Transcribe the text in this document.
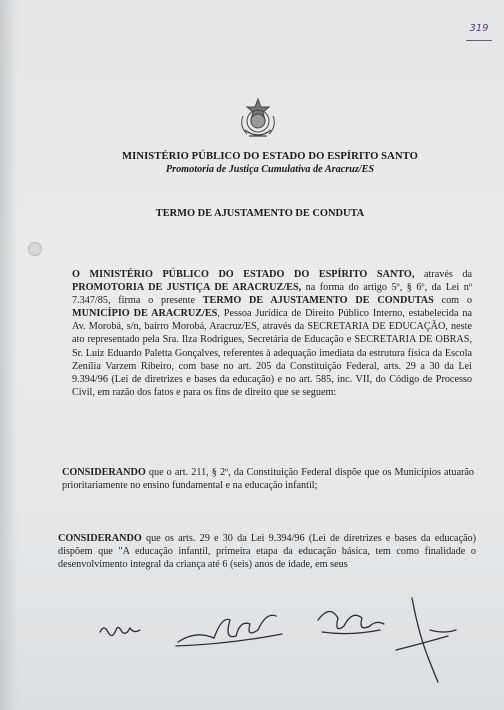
319
MINISTÉRIO PÚBLICO DO ESTADO DO ESPÍRITO SANTO
Promotoria de Justiça Cumulativa de Aracruz/ES
TERMO DE AJUSTAMENTO DE CONDUTA
O MINISTÉRIO PÚBLICO DO ESTADO DO ESPÍRITO SANTO, através da PROMOTORIA DE JUSTIÇA DE ARACRUZ/ES, na forma do artigo 5º, § 6º, da Lei nº 7.347/85, firma o presente TERMO DE AJUSTAMENTO DE CONDUTAS com o MUNICÍPIO DE ARACRUZ/ES, Pessoa Jurídica de Direito Público Interno, estabelecida na Av. Morobá, s/n, bairro Morobá, Aracruz/ES, através da SECRETARIA DE EDUCAÇÃO, neste ato representado pela Sra. Ilza Rodrigues, Secretária de Educação e SECRETARIA DE OBRAS, Sr. Luiz Eduardo Paletta Gonçalves, referentes à adequação imediata da estrutura física da Escola Zenília Varzem Ribeiro, com base no art. 205 da Constituição Federal, arts. 29 a 30 da Lei 9.394/96 (Lei de diretrizes e bases da educação) e no art. 585, inc. VII, do Código de Processo Civil, em razão dos fatos e para os fins de direito que se seguem:
CONSIDERANDO que o art. 211, § 2º, da Constituição Federal dispõe que os Municípios atuarão prioritariamente no ensino fundamental e na educação infantil;
CONSIDERANDO que os arts. 29 e 30 da Lei 9.394/96 (Lei de diretrizes e bases da educação) dispõem que "A educação infantil, primeira etapa da educação básica, tem como finalidade o desenvolvimento integral da criança até 6 (seis) anos de idade, em seus
